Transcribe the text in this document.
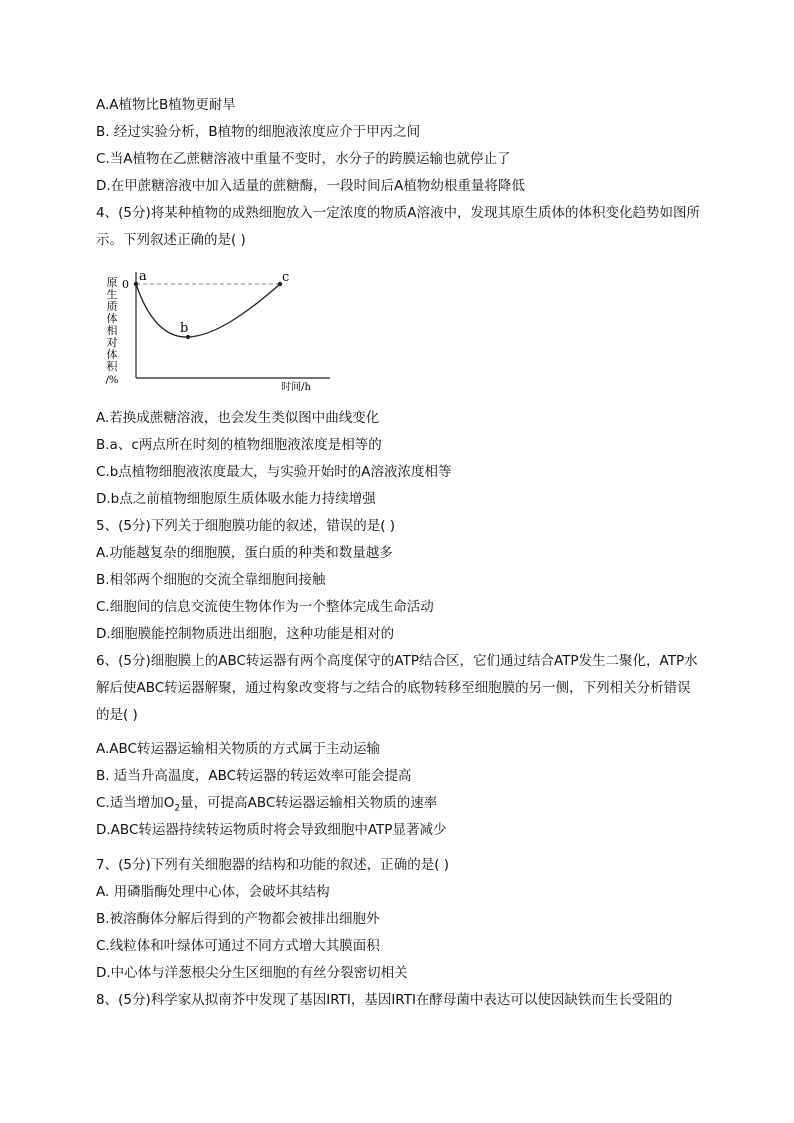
A.A植物比B植物更耐旱
B. 经过实验分析，B植物的细胞液浓度应介于甲丙之间
C.当A植物在乙蔗糖溶液中重量不变时，水分子的跨膜运输也就停止了
D.在甲蔗糖溶液中加入适量的蔗糖酶，一段时间后A植物幼根重量将降低
4、(5分)将某种植物的成熟细胞放入一定浓度的物质A溶液中，发现其原生质体的体积变化趋势如图所示。下列叙述正确的是( )
原
生
质
体
相
对
体
积
/%
0
a
b
c
时间/h
A.若换成蔗糖溶液，也会发生类似图中曲线变化
B.a、c两点所在时刻的植物细胞液浓度是相等的
C.b点植物细胞液浓度最大，与实验开始时的A溶液浓度相等
D.b点之前植物细胞原生质体吸水能力持续增强
5、(5分)下列关于细胞膜功能的叙述，错误的是( )
A.功能越复杂的细胞膜，蛋白质的种类和数量越多
B.相邻两个细胞的交流全靠细胞间接触
C.细胞间的信息交流使生物体作为一个整体完成生命活动
D.细胞膜能控制物质进出细胞，这种功能是相对的
6、(5分)细胞膜上的ABC转运器有两个高度保守的ATP结合区，它们通过结合ATP发生二聚化，ATP水解后使ABC转运器解聚，通过构象改变将与之结合的底物转移至细胞膜的另一侧，下列相关分析错误的是( )
A.ABC转运器运输相关物质的方式属于主动运输
B. 适当升高温度，ABC转运器的转运效率可能会提高
C.适当增加$O_2$量，可提高ABC转运器运输相关物质的速率
D.ABC转运器持续转运物质时将会导致细胞中ATP显著减少
7、(5分)下列有关细胞器的结构和功能的叙述，正确的是( )
A. 用磷脂酶处理中心体，会破坏其结构
B.被溶酶体分解后得到的产物都会被排出细胞外
C.线粒体和叶绿体可通过不同方式增大其膜面积
D.中心体与洋葱根尖分生区细胞的有丝分裂密切相关
8、(5分)科学家从拟南芥中发现了基因IRTI，基因IRTI在酵母菌中表达可以使因缺铁而生长受阻的
